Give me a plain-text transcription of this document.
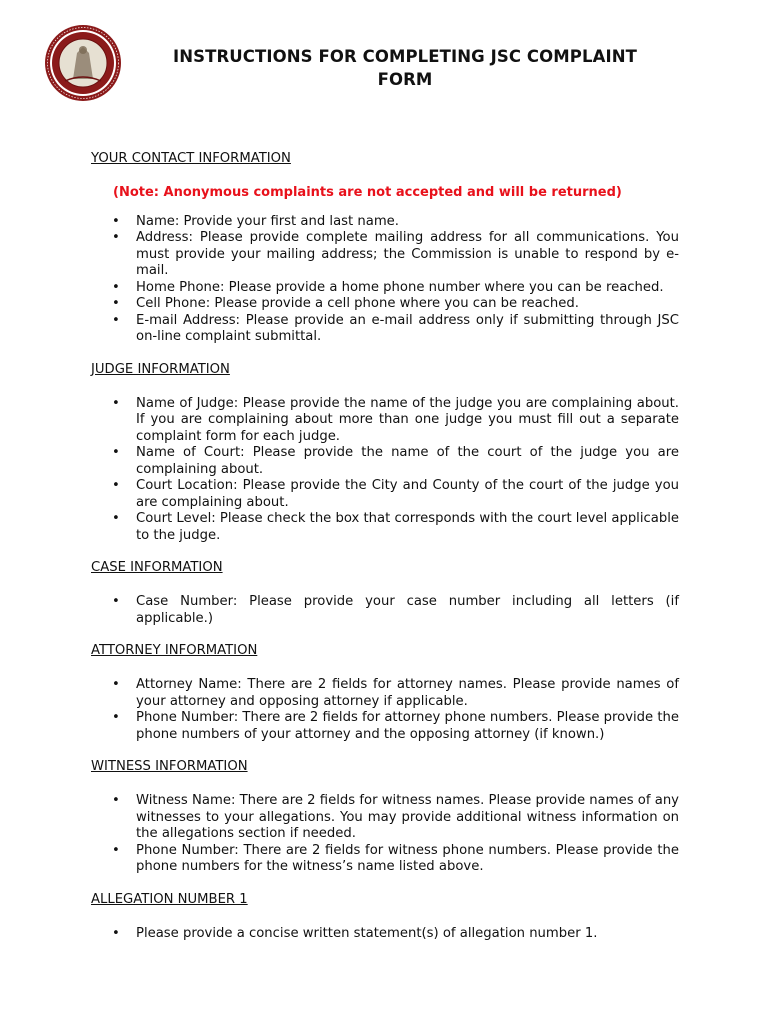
INSTRUCTIONS FOR COMPLETING JSC COMPLAINT
FORM
YOUR CONTACT INFORMATION
(Note: Anonymous complaints are not accepted and will be returned)
• Name: Provide your first and last name.
• Address: Please provide complete mailing address for all communications. You must provide your mailing address; the Commission is unable to respond by e-mail.
• Home Phone: Please provide a home phone number where you can be reached.
• Cell Phone: Please provide a cell phone where you can be reached.
• E-mail Address: Please provide an e-mail address only if submitting through JSC on-line complaint submittal.
JUDGE INFORMATION
• Name of Judge: Please provide the name of the judge you are complaining about. If you are complaining about more than one judge you must fill out a separate complaint form for each judge.
• Name of Court: Please provide the name of the court of the judge you are complaining about.
• Court Location: Please provide the City and County of the court of the judge you are complaining about.
• Court Level: Please check the box that corresponds with the court level applicable to the judge.
CASE INFORMATION
• Case Number: Please provide your case number including all letters (if applicable.)
ATTORNEY INFORMATION
• Attorney Name: There are 2 fields for attorney names. Please provide names of your attorney and opposing attorney if applicable.
• Phone Number: There are 2 fields for attorney phone numbers. Please provide the phone numbers of your attorney and the opposing attorney (if known.)
WITNESS INFORMATION
• Witness Name: There are 2 fields for witness names. Please provide names of any witnesses to your allegations. You may provide additional witness information on the allegations section if needed.
• Phone Number: There are 2 fields for witness phone numbers. Please provide the phone numbers for the witness’s name listed above.
ALLEGATION NUMBER 1
• Please provide a concise written statement(s) of allegation number 1.
